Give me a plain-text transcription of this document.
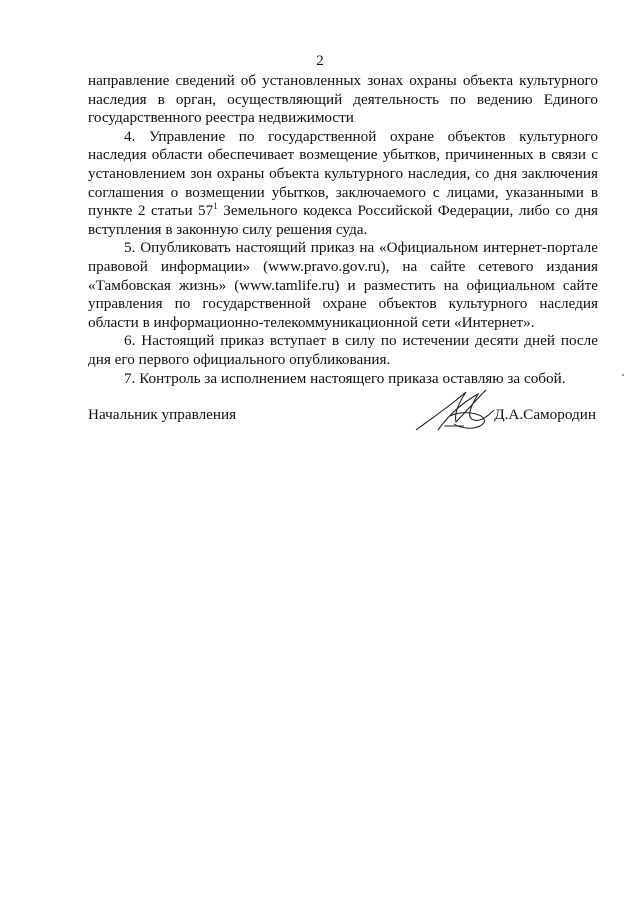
2

направление сведений об установленных зонах охраны объекта культурного наследия в орган, осуществляющий деятельность по ведению Единого государственного реестра недвижимости

4. Управление по государственной охране объектов культурного наследия области обеспечивает возмещение убытков, причиненных в связи с установлением зон охраны объекта культурного наследия, со дня заключения соглашения о возмещении убытков, заключаемого с лицами, указанными в пункте 2 статьи $57^1$ Земельного кодекса Российской Федерации, либо со дня вступления в законную силу решения суда.

5. Опубликовать настоящий приказ на «Официальном интернет-портале правовой информации» (www.pravo.gov.ru), на сайте сетевого издания «Тамбовская жизнь» (www.tamlife.ru) и разместить на официальном сайте управления по государственной охране объектов культурного наследия области в информационно-телекоммуникационной сети «Интернет».

6. Настоящий приказ вступает в силу по истечении десяти дней после дня его первого официального опубликования.

7. Контроль за исполнением настоящего приказа оставляю за собой.

Начальник управления	Д.А.Самородин
